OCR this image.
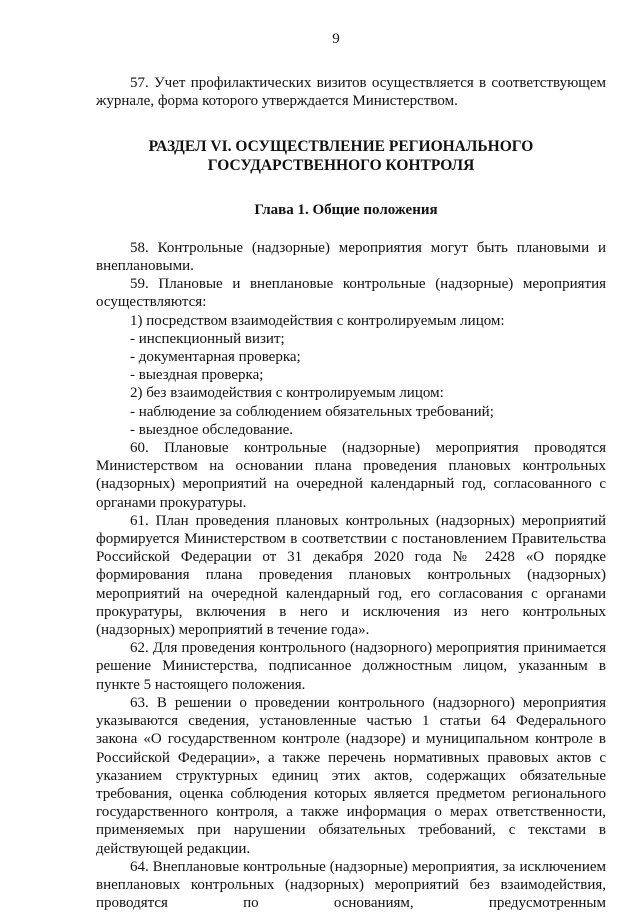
9

57. Учет профилактических визитов осуществляется в соответствующем журнале, форма которого утверждается Министерством.

РАЗДЕЛ VI. ОСУЩЕСТВЛЕНИЕ РЕГИОНАЛЬНОГО
ГОСУДАРСТВЕННОГО КОНТРОЛЯ
Глава 1. Общие положения

58. Контрольные (надзорные) мероприятия могут быть плановыми и внеплановыми.

59. Плановые и внеплановые контрольные (надзорные) мероприятия осуществляются:

1) посредством взаимодействия с контролируемым лицом:

- инспекционный визит;

- документарная проверка;

- выездная проверка;

2) без взаимодействия с контролируемым лицом:

- наблюдение за соблюдением обязательных требований;

- выездное обследование.

60. Плановые контрольные (надзорные) мероприятия проводятся Министерством на основании плана проведения плановых контрольных (надзорных) мероприятий на очередной календарный год, согласованного с органами прокуратуры.

61. План проведения плановых контрольных (надзорных) мероприятий формируется Министерством в соответствии с постановлением Правительства Российской Федерации от 31 декабря 2020 года № 2428 «О порядке формирования плана проведения плановых контрольных (надзорных) мероприятий на очередной календарный год, его согласования с органами прокуратуры, включения в него и исключения из него контрольных (надзорных) мероприятий в течение года».

62. Для проведения контрольного (надзорного) мероприятия принимается решение Министерства, подписанное должностным лицом, указанным в пункте 5 настоящего положения.

63. В решении о проведении контрольного (надзорного) мероприятия указываются сведения, установленные частью 1 статьи 64 Федерального закона «О государственном контроле (надзоре) и муниципальном контроле в Российской Федерации», а также перечень нормативных правовых актов с указанием структурных единиц этих актов, содержащих обязательные требования, оценка соблюдения которых является предметом регионального государственного контроля, а также информация о мерах ответственности, применяемых при нарушении обязательных требований, с текстами в действующей редакции.

64. Внеплановые контрольные (надзорные) мероприятия, за исключением внеплановых контрольных (надзорных) мероприятий без взаимодействия, проводятся по основаниям, предусмотренным
